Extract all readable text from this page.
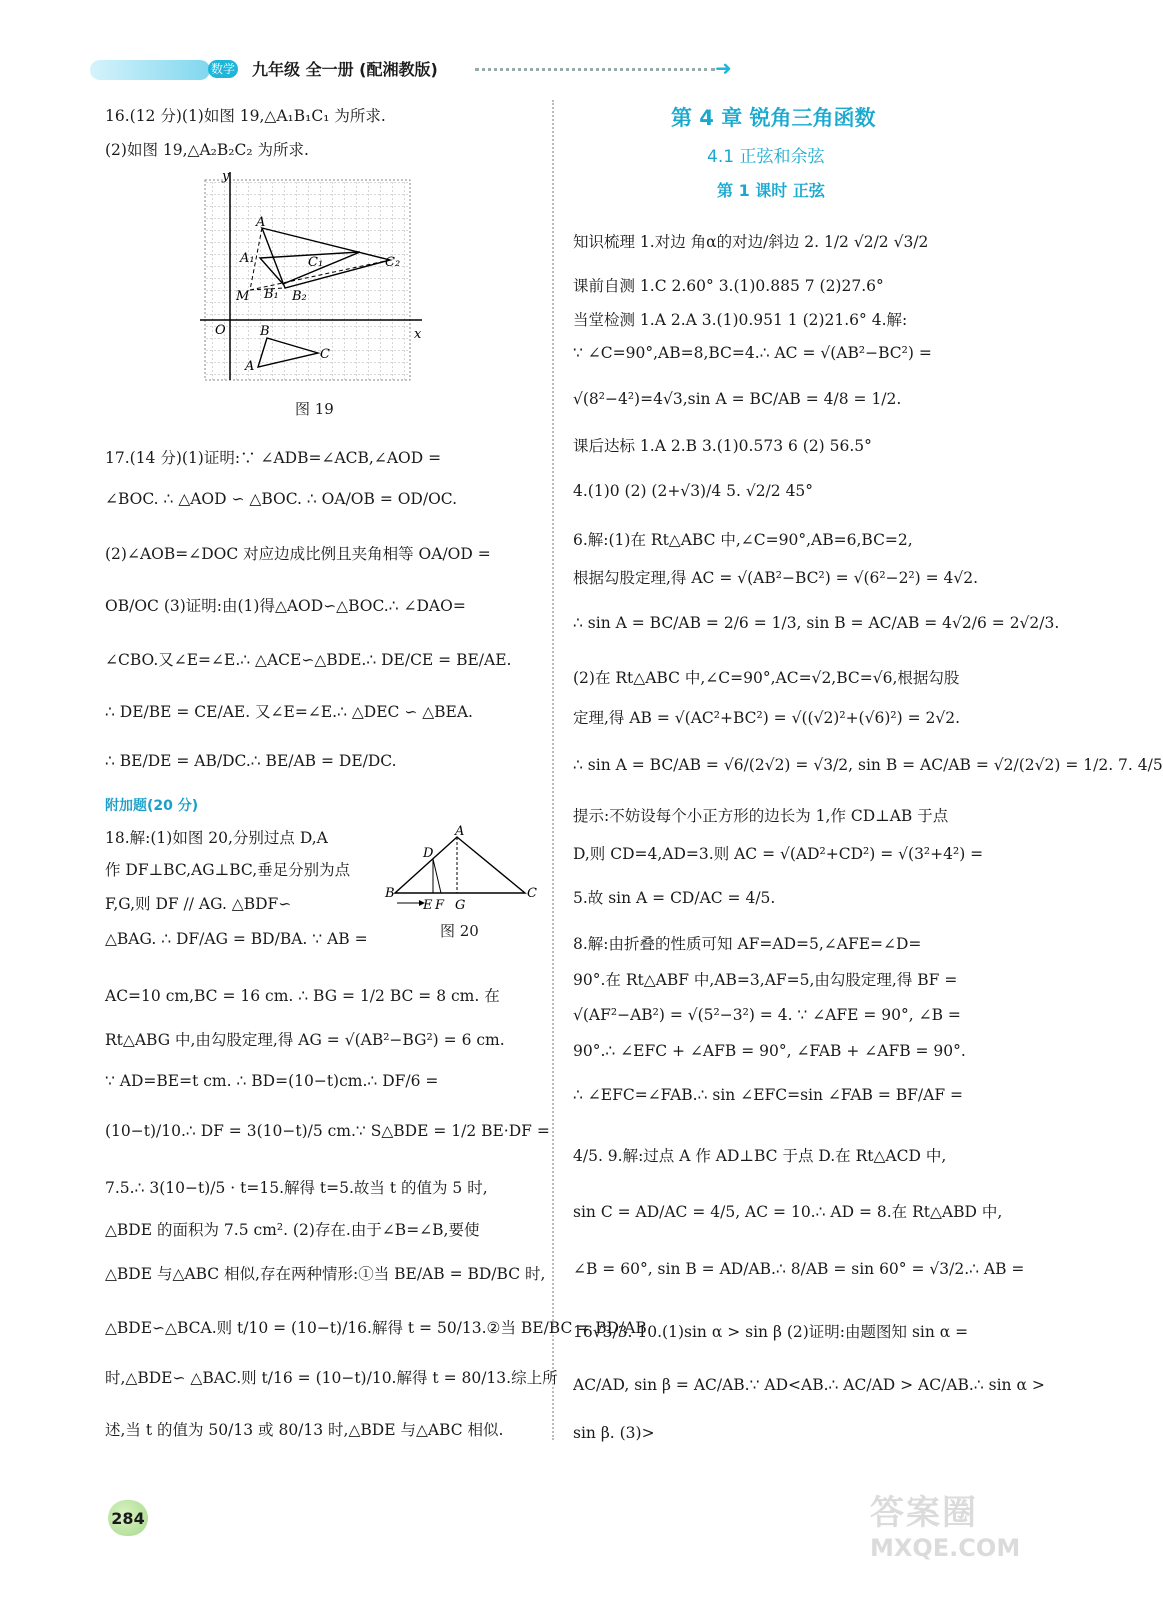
数学 九年级 全一册 (配湘教版)	➜
16.(12 分)(1)如图 19,△A₁B₁C₁ 为所求.
(2)如图 19,△A₂B₂C₂ 为所求.
y
x
O
A
A₁	C₁	C₂
M B₁ B₂
B
C
A
图 19
17.(14 分)(1)证明:∵ ∠ADB=∠ACB,∠AOD =
∠BOC. ∴ △AOD ∽ △BOC. ∴ OA/OB = OD/OC.
(2)∠AOB=∠DOC 对应边成比例且夹角相等 OA/OD =
OB/OC (3)证明:由(1)得△AOD∽△BOC.∴ ∠DAO=
∠CBO.又∠E=∠E.∴ △ACE∽△BDE.∴ DE/CE = BE/AE.
∴ DE/BE = CE/AE. 又∠E=∠E.∴ △DEC ∽ △BEA.
∴ BE/DE = AB/DC.∴ BE/AB = DE/DC.
附加题(20 分)
18.解:(1)如图 20,分别过点 D,A
作 DF⊥BC,AG⊥BC,垂足分别为点
F,G,则 DF // AG. △BDF∽
△BAG. ∴ DF/AG = BD/BA. ∵ AB =
A
D
B	C
E F G
图 20
AC=10 cm,BC = 16 cm. ∴ BG = 1/2 BC = 8 cm. 在
Rt△ABG 中,由勾股定理,得 AG = √(AB²−BG²) = 6 cm.
∵ AD=BE=t cm. ∴ BD=(10−t)cm.∴ DF/6 =
(10−t)/10.∴ DF = 3(10−t)/5 cm.∵ S△BDE = 1/2 BE·DF =
7.5.∴ 3(10−t)/5 · t=15.解得 t=5.故当 t 的值为 5 时,
△BDE 的面积为 7.5 cm². (2)存在.由于∠B=∠B,要使
△BDE 与△ABC 相似,存在两种情形:①当 BE/AB = BD/BC 时,
△BDE∽△BCA.则 t/10 = (10−t)/16.解得 t = 50/13.②当 BE/BC = BD/AB
时,△BDE∽ △BAC.则 t/16 = (10−t)/10.解得 t = 80/13.综上所
述,当 t 的值为 50/13 或 80/13 时,△BDE 与△ABC 相似.
第 4 章 锐角三角函数
4.1 正弦和余弦
第 1 课时 正弦
知识梳理 1.对边 角α的对边/斜边 2. 1/2 √2/2 √3/2
课前自测 1.C 2.60° 3.(1)0.885 7 (2)27.6°
当堂检测 1.A 2.A 3.(1)0.951 1 (2)21.6° 4.解:
∵ ∠C=90°,AB=8,BC=4.∴ AC = √(AB²−BC²) =
√(8²−4²)=4√3,sin A = BC/AB = 4/8 = 1/2.
课后达标 1.A 2.B 3.(1)0.573 6 (2) 56.5°
4.(1)0 (2) (2+√3)/4 5. √2/2 45°
6.解:(1)在 Rt△ABC 中,∠C=90°,AB=6,BC=2,
根据勾股定理,得 AC = √(AB²−BC²) = √(6²−2²) = 4√2.
∴ sin A = BC/AB = 2/6 = 1/3, sin B = AC/AB = 4√2/6 = 2√2/3.
(2)在 Rt△ABC 中,∠C=90°,AC=√2,BC=√6,根据勾股
定理,得 AB = √(AC²+BC²) = √((√2)²+(√6)²) = 2√2.
∴ sin A = BC/AB = √6/(2√2) = √3/2, sin B = AC/AB = √2/(2√2) = 1/2. 7. 4/5
提示:不妨设每个小正方形的边长为 1,作 CD⊥AB 于点
D,则 CD=4,AD=3.则 AC = √(AD²+CD²) = √(3²+4²) =
5.故 sin A = CD/AC = 4/5.
8.解:由折叠的性质可知 AF=AD=5,∠AFE=∠D=
90°.在 Rt△ABF 中,AB=3,AF=5,由勾股定理,得 BF =
√(AF²−AB²) = √(5²−3²) = 4. ∵ ∠AFE = 90°, ∠B =
90°.∴ ∠EFC + ∠AFB = 90°, ∠FAB + ∠AFB = 90°.
∴ ∠EFC=∠FAB.∴ sin ∠EFC=sin ∠FAB = BF/AF =
4/5. 9.解:过点 A 作 AD⊥BC 于点 D.在 Rt△ACD 中,
sin C = AD/AC = 4/5, AC = 10.∴ AD = 8.在 Rt△ABD 中,
∠B = 60°, sin B = AD/AB.∴ 8/AB = sin 60° = √3/2.∴ AB =
16√3/3. 10.(1)sin α > sin β (2)证明:由题图知 sin α =
AC/AD, sin β = AC/AB.∵ AD<AB.∴ AC/AD > AC/AB.∴ sin α >
sin β. (3)>
284	答案圈
MXQE.COM
